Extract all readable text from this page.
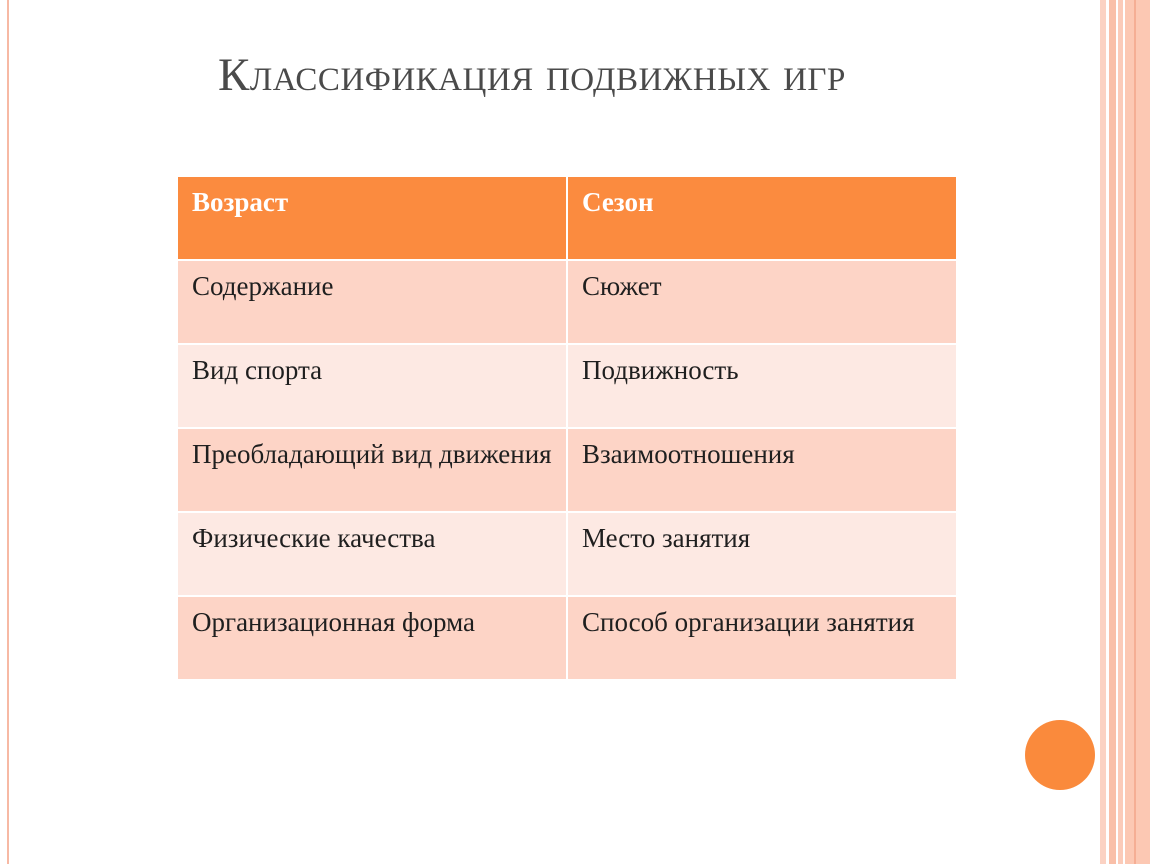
Классификация подвижных игр
Возраст	Сезон
Содержание	Сюжет
Вид спорта	Подвижность
Преобладающий вид движения	Взаимоотношения
Физические качества	Место занятия
Организационная форма	Способ организации занятия
